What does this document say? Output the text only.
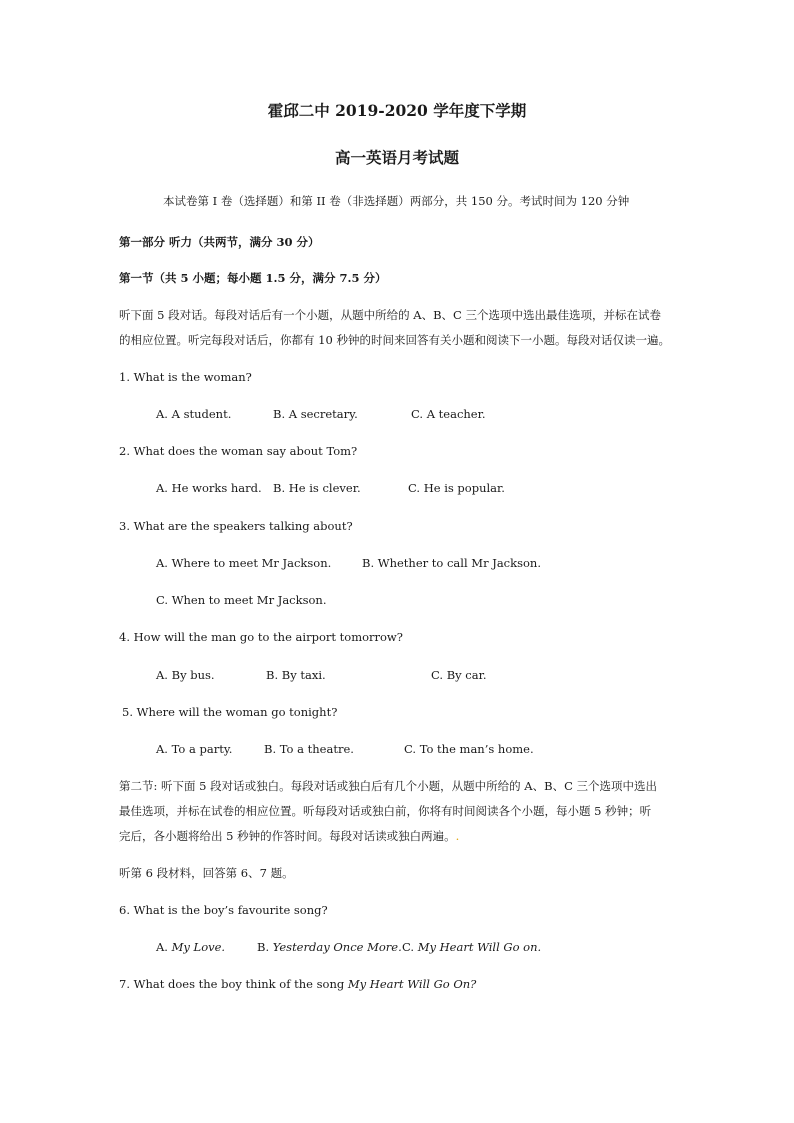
霍邱二中 2019-2020 学年度下学期
高一英语月考试题
本试卷第 I 卷（选择题）和第 II 卷（非选择题）两部分，共 150 分。考试时间为 120 分钟
第一部分 听力（共两节，满分 30 分）
第一节（共 5 小题；每小题 1.5 分，满分 7.5 分）
听下面 5 段对话。每段对话后有一个小题，从题中所给的 A、B、C 三个选项中选出最佳选项，并标在试卷
的相应位置。听完每段对话后，你都有 10 秒钟的时间来回答有关小题和阅读下一小题。每段对话仅读一遍。
1. What is the woman?
A. A student.	B. A secretary.	C. A teacher.
2. What does the woman say about Tom?
A. He works hard. B. He is clever.	C. He is popular.
3. What are the speakers talking about?
A. Where to meet Mr Jackson.	B. Whether to call Mr Jackson.
C. When to meet Mr Jackson.
4. How will the man go to the airport tomorrow?
A. By bus.	B. By taxi.	C. By car.
5. Where will the woman go tonight?
A. To a party.	B. To a theatre.	C. To the man’s home.
第二节: 听下面 5 段对话或独白。每段对话或独白后有几个小题，从题中所给的 A、B、C 三个选项中选出
最佳选项，并标在试卷的相应位置。听每段对话或独白前，你将有时间阅读各个小题，每小题 5 秒钟；听
完后，各小题将给出 5 秒钟的作答时间。每段对话读或独白两遍。.
听第 6 段材料，回答第 6、7 题。
6. What is the boy’s favourite song?
A. My Love.	B. Yesterday Once More. C. My Heart Will Go on.
7. What does the boy think of the song My Heart Will Go On?
